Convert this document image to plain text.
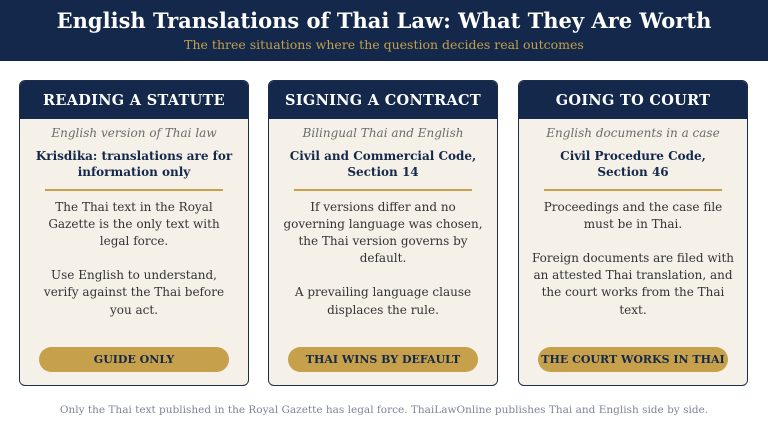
English Translations of Thai Law: What They Are Worth
The three situations where the question decides real outcomes
READING A STATUTE
English version of Thai law
Krisdika: translations are for information only

The Thai text in the Royal Gazette is the only text with legal force.

Use English to understand, verify against the Thai before you act.

GUIDE ONLY
SIGNING A CONTRACT
Bilingual Thai and English
Civil and Commercial Code, Section 14

If versions differ and no governing language was chosen, the Thai version governs by default.

A prevailing language clause displaces the rule.

THAI WINS BY DEFAULT
GOING TO COURT
English documents in a case
Civil Procedure Code, Section 46

Proceedings and the case file must be in Thai.

Foreign documents are filed with an attested Thai translation, and the court works from the Thai text.

THE COURT WORKS IN THAI
Only the Thai text published in the Royal Gazette has legal force. ThaiLawOnline publishes Thai and English side by side.
